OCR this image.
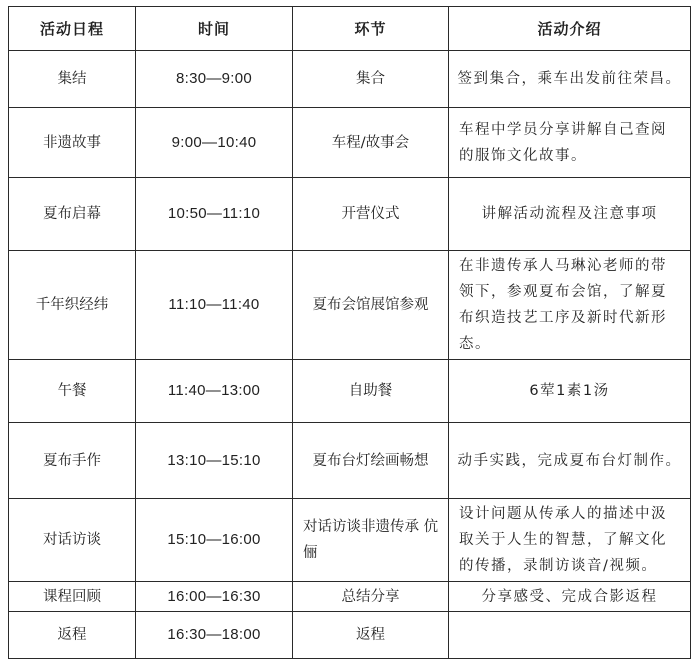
活动日程	时间	环节	活动介绍
集结	8:30—9:00	集合	签到集合，乘车出发前往荣昌。
非遗故事	9:00—10:40	车程/故事会	车程中学员分享讲解自己查阅的服饰文化故事。
夏布启幕	10:50—11:10	开营仪式	讲解活动流程及注意事项
千年织经纬	11:10—11:40	夏布会馆展馆参观	在非遗传承人马琳沁老师的带领下，参观夏布会馆，了解夏布织造技艺工序及新时代新形态。
午餐	11:40—13:00	自助餐	6荤1素1汤
夏布手作	13:10—15:10	夏布台灯绘画畅想	动手实践，完成夏布台灯制作。
对话访谈	15:10—16:00	对话访谈非遗传承 伉俪	设计问题从传承人的描述中汲取关于人生的智慧，了解文化的传播，录制访谈音/视频。
课程回顾	16:00—16:30	总结分享	分享感受、完成合影返程
返程	16:30—18:00	返程	
